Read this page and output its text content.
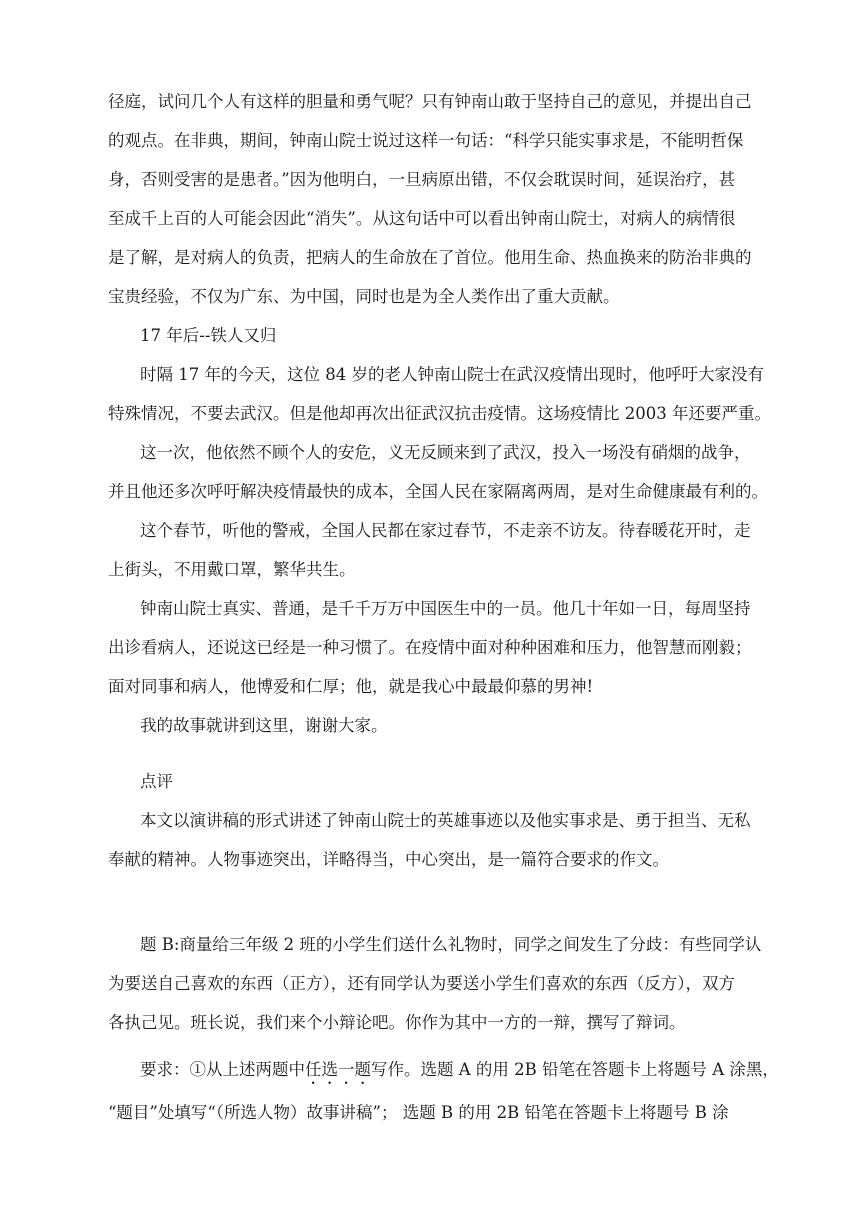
径庭，试问几个人有这样的胆量和勇气呢？只有钟南山敢于坚持自己的意见，并提出自己
的观点。在非典，期间，钟南山院士说过这样一句话：“科学只能实事求是，不能明哲保
身，否则受害的是患者。”因为他明白，一旦病原出错，不仅会耽误时间，延误治疗，甚
至成千上百的人可能会因此“消失”。从这句话中可以看出钟南山院士，对病人的病情很
是了解，是对病人的负责，把病人的生命放在了首位。他用生命、热血换来的防治非典的
宝贵经验，不仅为广东、为中国，同时也是为全人类作出了重大贡献。
17 年后--铁人又归
时隔 17 年的今天，这位 84 岁的老人钟南山院士在武汉疫情出现时，他呼吁大家没有
特殊情况，不要去武汉。但是他却再次出征武汉抗击疫情。这场疫情比 2003 年还要严重。
这一次，他依然不顾个人的安危，义无反顾来到了武汉，投入一场没有硝烟的战争，
并且他还多次呼吁解决疫情最快的成本，全国人民在家隔离两周，是对生命健康最有利的。
这个春节，听他的警戒，全国人民都在家过春节，不走亲不访友。待春暖花开时，走
上街头，不用戴口罩，繁华共生。
钟南山院士真实、普通，是千千万万中国医生中的一员。他几十年如一日，每周坚持
出诊看病人，还说这已经是一种习惯了。在疫情中面对种种困难和压力，他智慧而刚毅；
面对同事和病人，他博爱和仁厚；他，就是我心中最最仰慕的男神!
我的故事就讲到这里，谢谢大家。
点评
本文以演讲稿的形式讲述了钟南山院士的英雄事迹以及他实事求是、勇于担当、无私
奉献的精神。人物事迹突出，详略得当，中心突出，是一篇符合要求的作文。
题 B:商量给三年级 2 班的小学生们送什么礼物时，同学之间发生了分歧：有些同学认
为要送自己喜欢的东西（正方），还有同学认为要送小学生们喜欢的东西（反方），双方
各执己见。班长说，我们来个小辩论吧。你作为其中一方的一辩，撰写了辩词。
要求：①从上述两题中任选一题写作。选题 A 的用 2B 铅笔在答题卡上将题号 A 涂黑，
“题目”处填写“（所选人物）故事讲稿”； 选题 B 的用 2B 铅笔在答题卡上将题号 B 涂
